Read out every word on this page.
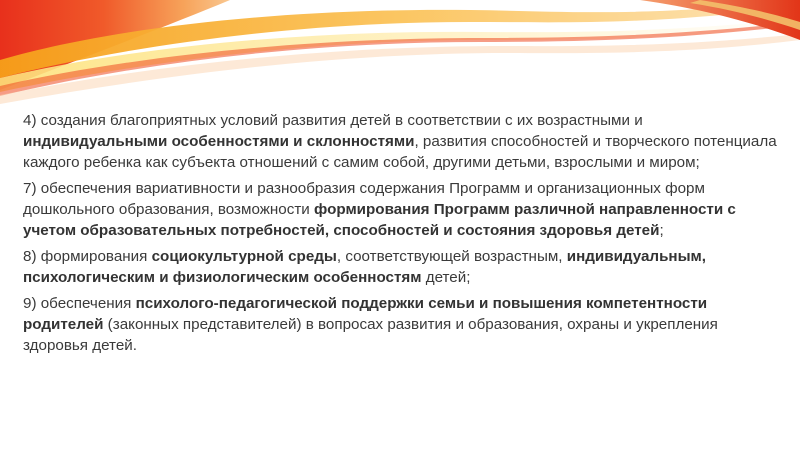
4) создания благоприятных условий развития детей в соответствии с их возрастными и индивидуальными особенностями и склонностями, развития способностей и творческого потенциала каждого ребенка как субъекта отношений с самим собой, другими детьми, взрослыми и миром;

7) обеспечения вариативности и разнообразия содержания Программ и организационных форм дошкольного образования, возможности формирования Программ различной направленности с учетом образовательных потребностей, способностей и состояния здоровья детей;

8) формирования социокультурной среды, соответствующей возрастным, индивидуальным, психологическим и физиологическим особенностям детей;

9) обеспечения психолого-педагогической поддержки семьи и повышения компетентности родителей (законных представителей) в вопросах развития и образования, охраны и укрепления здоровья детей.
